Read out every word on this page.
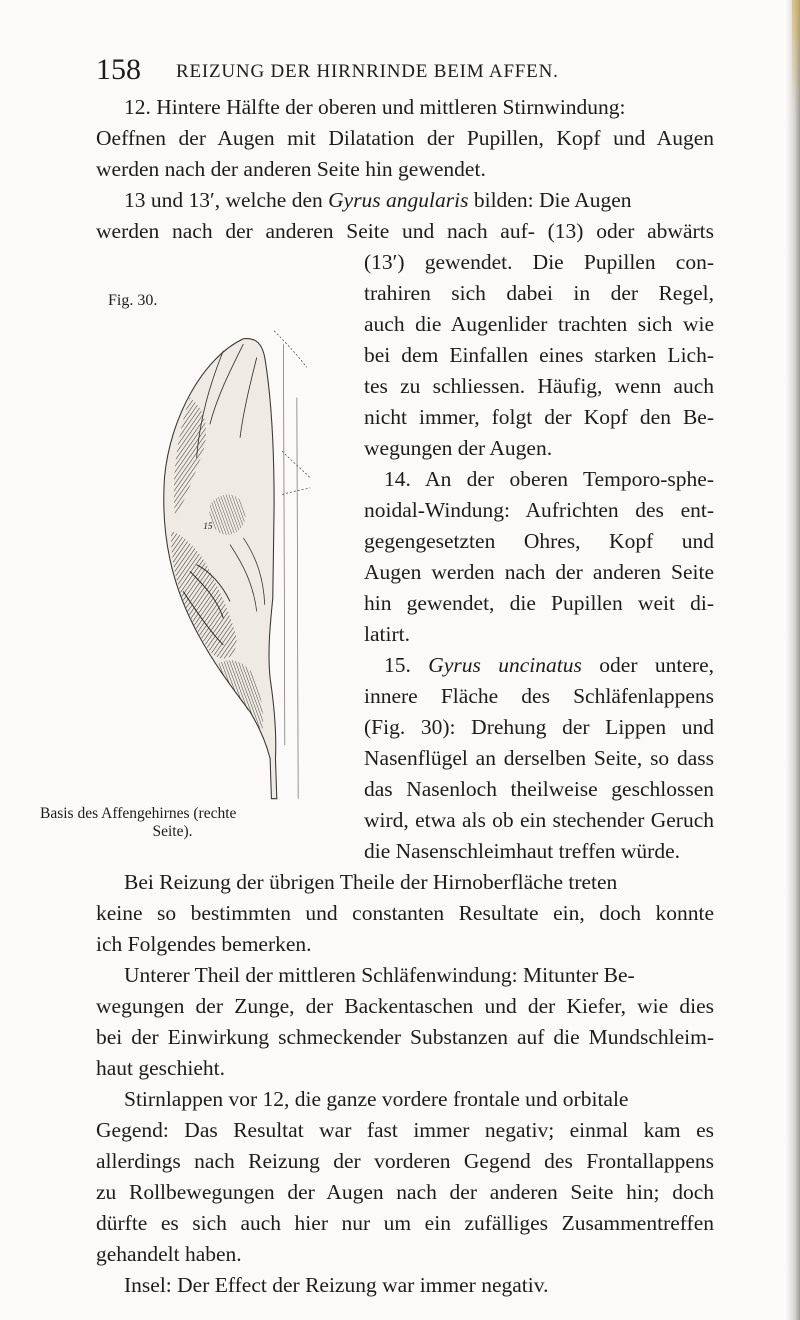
158 REIZUNG DER HIRNRINDE BEIM AFFEN.
12. Hintere Hälfte der oberen und mittleren Stirnwindung:
Oeffnen der Augen mit Dilatation der Pupillen, Kopf und Augen
werden nach der anderen Seite hin gewendet.
13 und 13′, welche den Gyrus angularis bilden: Die Augen
werden nach der anderen Seite und nach auf- (13) oder abwärts
(13′) gewendet. Die Pupillen con-
trahiren sich dabei in der Regel,
auch die Augenlider trachten sich wie
bei dem Einfallen eines starken Lich-
tes zu schliessen. Häufig, wenn auch
nicht immer, folgt der Kopf den Be-
wegungen der Augen.
14. An der oberen Temporo-sphe-
noidal-Windung: Aufrichten des ent-
gegengesetzten Ohres, Kopf und
Augen werden nach der anderen Seite
hin gewendet, die Pupillen weit di-
latirt.
15. Gyrus uncinatus oder untere,
innere Fläche des Schläfenlappens
(Fig. 30): Drehung der Lippen und
Nasenflügel an derselben Seite, so dass
das Nasenloch theilweise geschlossen
wird, etwa als ob ein stechender Geruch
die Nasenschleimhaut treffen würde.
Fig. 30.
15
Basis des Affengehirnes (rechte
Seite).
Bei Reizung der übrigen Theile der Hirnoberfläche treten
keine so bestimmten und constanten Resultate ein, doch konnte
ich Folgendes bemerken.
Unterer Theil der mittleren Schläfenwindung: Mitunter Be-
wegungen der Zunge, der Backentaschen und der Kiefer, wie dies
bei der Einwirkung schmeckender Substanzen auf die Mundschleim-
haut geschieht.
Stirnlappen vor 12, die ganze vordere frontale und orbitale
Gegend: Das Resultat war fast immer negativ; einmal kam es
allerdings nach Reizung der vorderen Gegend des Frontallappens
zu Rollbewegungen der Augen nach der anderen Seite hin; doch
dürfte es sich auch hier nur um ein zufälliges Zusammentreffen
gehandelt haben.
Insel: Der Effect der Reizung war immer negativ.
